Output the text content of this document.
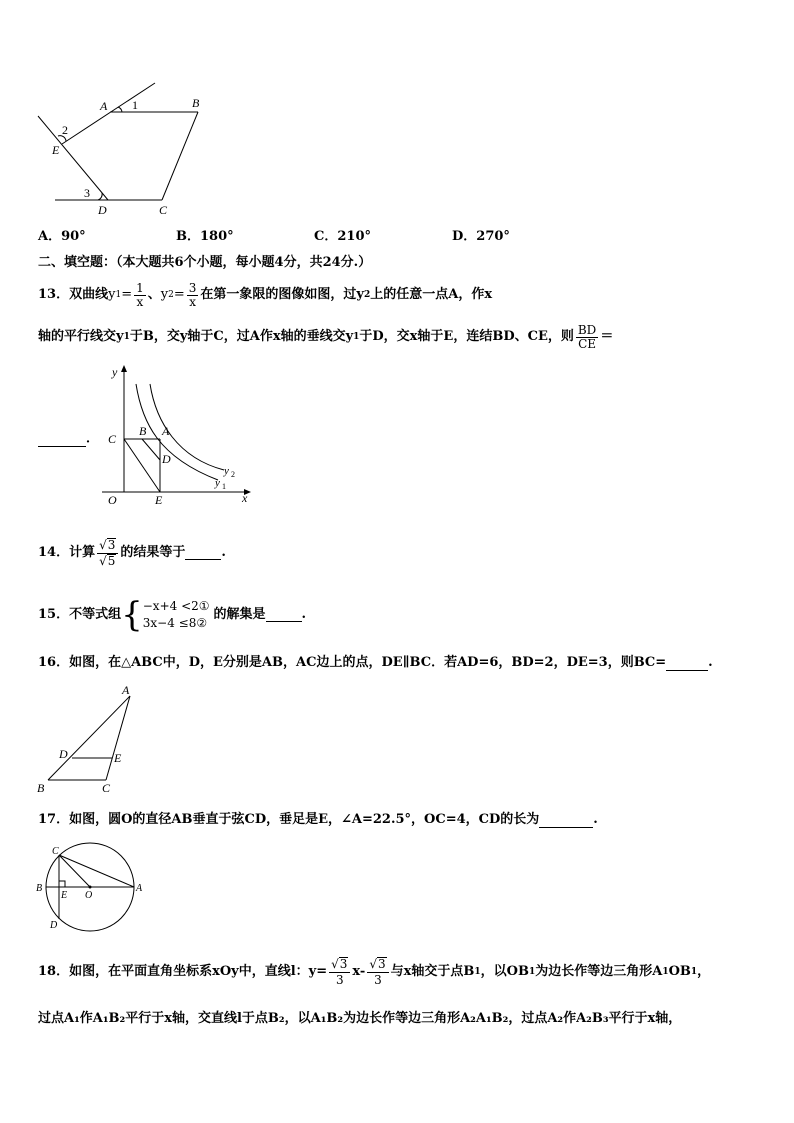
A 1	B
2
E
3
D	C
A．90°	B．180°	C．210°	D．270°
二、填空题：（本大题共6个小题，每小题4分，共24分.）
13． 双曲线 y $1 = \frac{1}{x}$ 、 y $2 = \frac{3}{x}$ 在第一象限的图像如图，过 y 2 上的任意一点A，作x
轴的平行线交 y 1 于B，交y轴于C，过A作x轴的垂线交 y 1 于D，交x轴于E，连结BD、CE，则 $\frac{BD}{CE}$ ＝
．
y
x
O
C
B A
D
E
y 2
y 1
14． 计算 $\frac{√ 3}{√ 5}$ 的结果等于	.
15． 不等式组 { −x+4 <2①
3x−4 ≤8②
的解集是	.
16．如图，在△ABC中，D，E分别是AB，AC边上的点，DE∥BC．若AD=6，BD=2，DE=3，则BC=	.
A
D	E
B	C
17．如图，圆O的直径AB垂直于弦CD，垂足是E，∠A=22.5°，OC=4，CD的长为	.
C
B
E O
A
D
18．如图，在平面直角坐标系xOy中，直线l：$y= \frac{√ 3}{3} x- \frac{√ 3}{3}$ 与x轴交于点B 1 ，以OB 1 为边长作等边三角形A 1 OB 1 ，
过点A₁作A₁B₂平行于x轴，交直线l于点B₂，以A₁B₂为边长作等边三角形A₂A₁B₂，过点A₂作A₂B₃平行于x轴，
